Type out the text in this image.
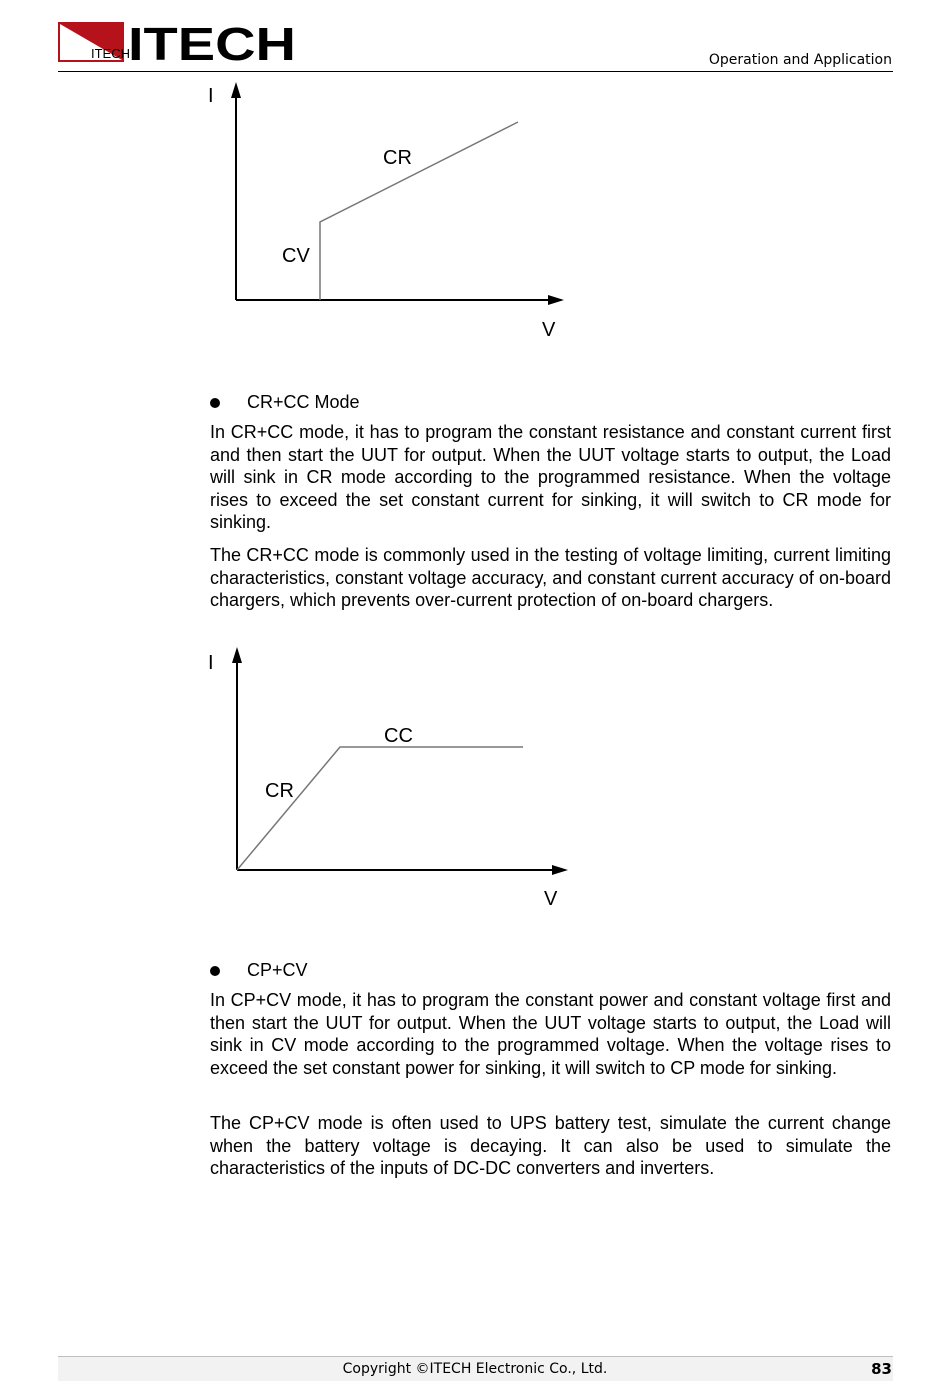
ITECH
ITECH	Operation and Application
I
V
CR
CV
CR+CC Mode

In CR+CC mode, it has to program the constant resistance and constant current first and then start the UUT for output. When the UUT voltage starts to output, the Load will sink in CR mode according to the programmed resistance. When the voltage rises to exceed the set constant current for sinking, it will switch to CR mode for sinking.

The CR+CC mode is commonly used in the testing of voltage limiting, current limiting characteristics, constant voltage accuracy, and constant current accuracy of on-board chargers, which prevents over-current protection of on-board chargers.

I
V
CC
CR
CP+CV

In CP+CV mode, it has to program the constant power and constant voltage first and then start the UUT for output. When the UUT voltage starts to output, the Load will sink in CV mode according to the programmed voltage. When the voltage rises to exceed the set constant power for sinking, it will switch to CP mode for sinking.

The CP+CV mode is often used to UPS battery test, simulate the current change when the battery voltage is decaying. It can also be used to simulate the characteristics of the inputs of DC-DC converters and inverters.

Copyright ©ITECH Electronic Co., Ltd.	83
